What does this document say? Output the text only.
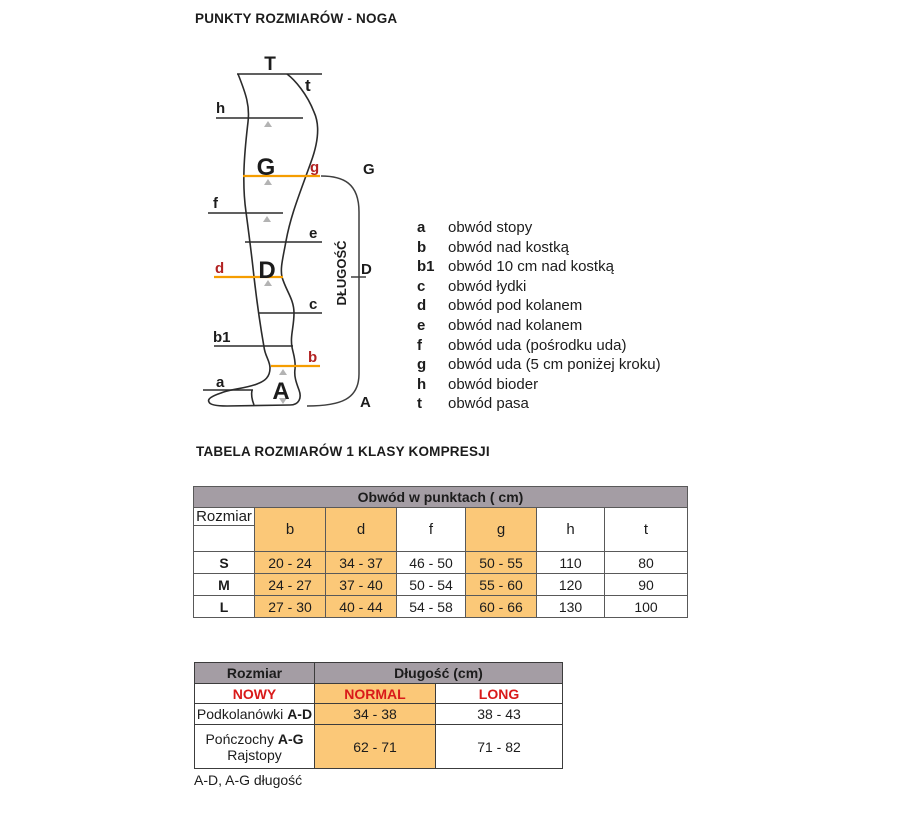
PUNKTY ROZMIARÓW - NOGA
T
G
D
A
t
h
f
e
c
b1
a
g
d
b
G
D
A
DŁUGOŚĆ
a	obwód stopy
b	obwód nad kostką
b1 obwód 10 cm nad kostką
c	obwód łydki
d	obwód pod kolanem
e	obwód nad kolanem
f	obwód uda (pośrodku uda)
g	obwód uda (5 cm poniżej kroku)
h	obwód bioder
t	obwód pasa
TABELA ROZMIARÓW 1 KLASY KOMPRESJI
Obwód w punktach ( cm)						
Rozmiar	b	d	f	g	h	t

S	20 - 24	34 - 37	46 - 50	50 - 55	110	80
M	24 - 27	37 - 40	50 - 54	55 - 60	120	90
L	27 - 30	40 - 44	54 - 58	60 - 66	130	100
Rozmiar	Długość (cm)	
NOWY	NORMAL	LONG
Podkolanówki A-D	34 - 38	38 - 43

Pończochy A-G
Rajstopy	62 - 71	71 - 82
A-D, A-G długość
